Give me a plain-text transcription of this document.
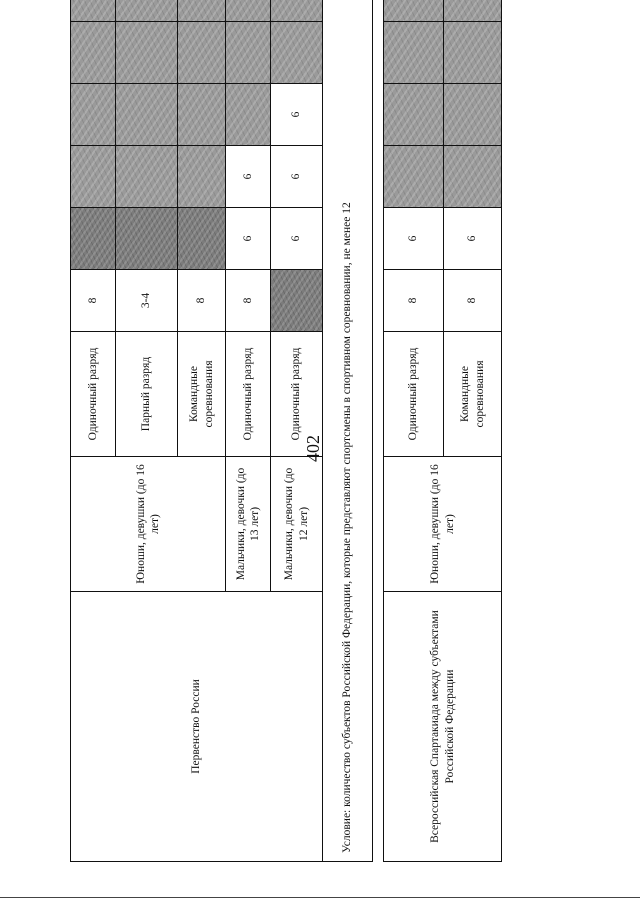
402
Первенство России	Юноши, девушки (до 16 лет)	Одиночный разряд	8					
		Парный разряд	3-4					
		Командные соревнования	8					
	Мальчики, девочки (до 13 лет)	Одиночный разряд	8	6	6			
	Мальчики, девочки (до 12 лет)	Одиночный разряд		6	6	6		
Условие: количество субъектов Российской Федерации, которые представляют спортсмены в спортивном соревновании, не менее 12								

Всероссийская Спартакиада между субъектами Российской Федерации	Юноши, девушки (до 16 лет)	Одиночный разряд	8	6				
		Командные соревнования	8	6				
